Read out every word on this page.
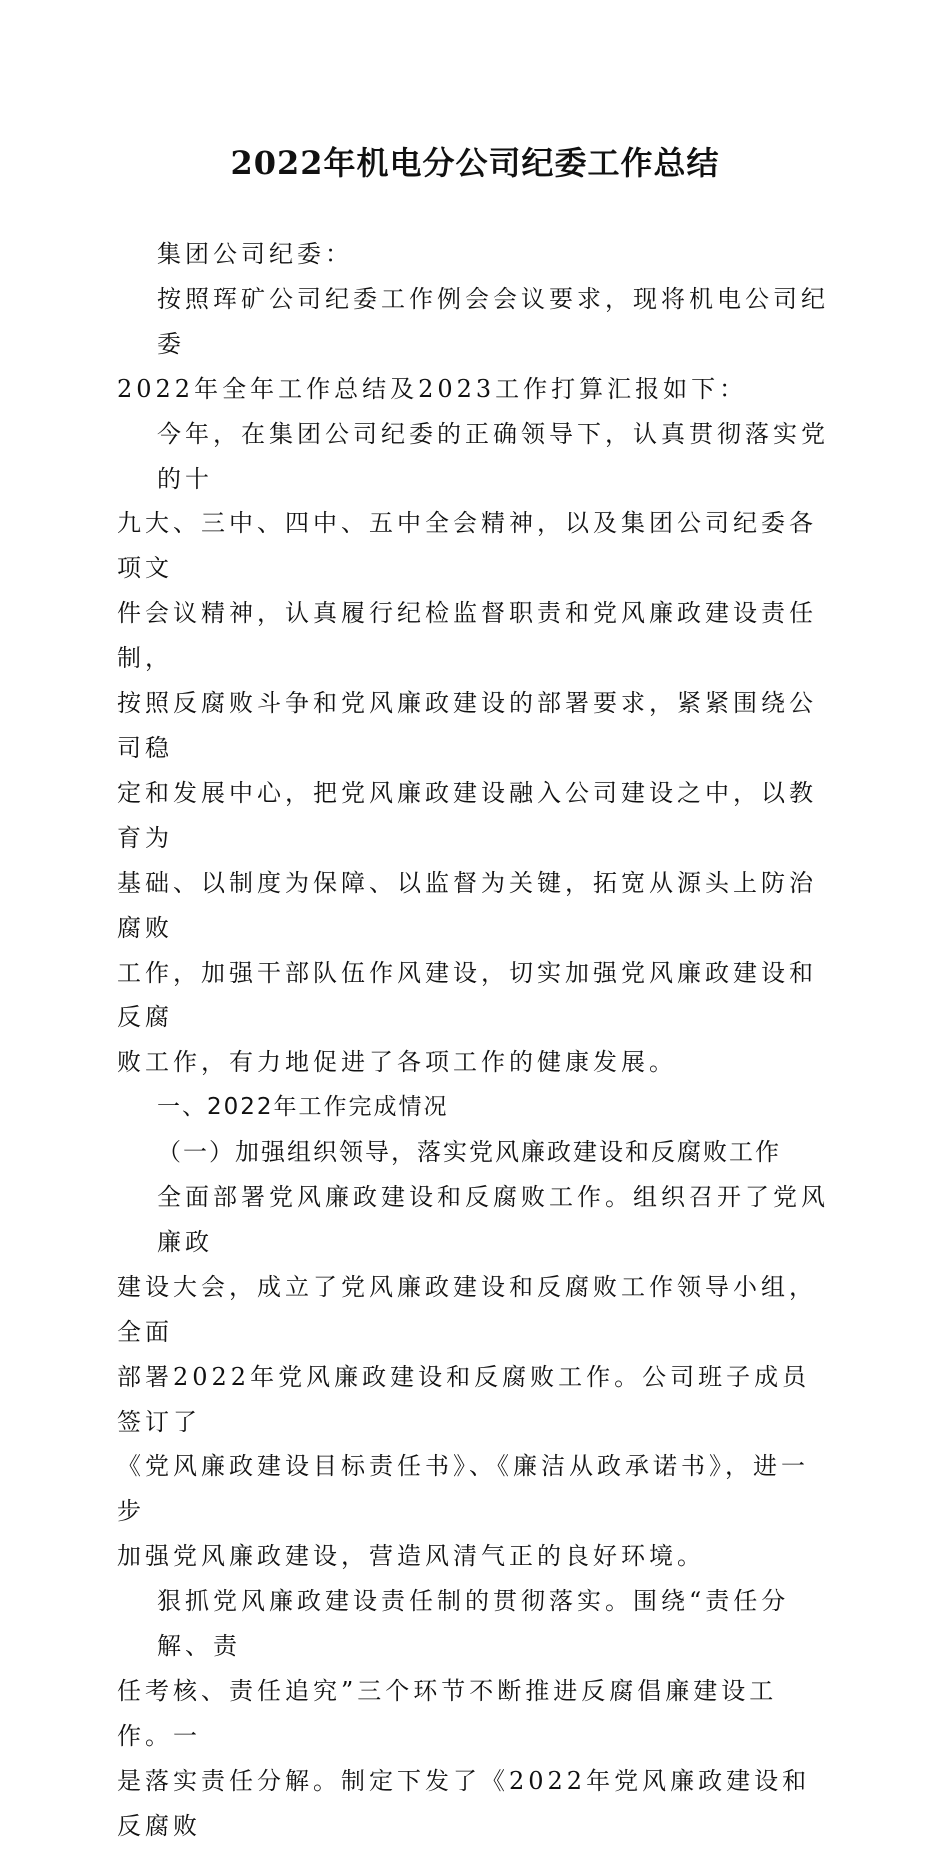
2022年机电分公司纪委工作总结
集团公司纪委：
按照珲矿公司纪委工作例会会议要求，现将机电公司纪委
2022年全年工作总结及2023工作打算汇报如下：
今年，在集团公司纪委的正确领导下，认真贯彻落实党的十
九大、三中、四中、五中全会精神，以及集团公司纪委各项文
件会议精神，认真履行纪检监督职责和党风廉政建设责任制，
按照反腐败斗争和党风廉政建设的部署要求，紧紧围绕公司稳
定和发展中心，把党风廉政建设融入公司建设之中，以教育为
基础、以制度为保障、以监督为关键，拓宽从源头上防治腐败
工作，加强干部队伍作风建设，切实加强党风廉政建设和反腐
败工作，有力地促进了各项工作的健康发展。
一、2022年工作完成情况
（一）加强组织领导，落实党风廉政建设和反腐败工作
全面部署党风廉政建设和反腐败工作。组织召开了党风廉政
建设大会，成立了党风廉政建设和反腐败工作领导小组，全面
部署2022年党风廉政建设和反腐败工作。公司班子成员签订了
《党风廉政建设目标责任书》、《廉洁从政承诺书》，进一步
加强党风廉政建设，营造风清气正的良好环境。
狠抓党风廉政建设责任制的贯彻落实。围绕“责任分解、责
任考核、责任追究”三个环节不断推进反腐倡廉建设工作。一
是落实责任分解。制定下发了《2022年党风廉政建设和反腐败
